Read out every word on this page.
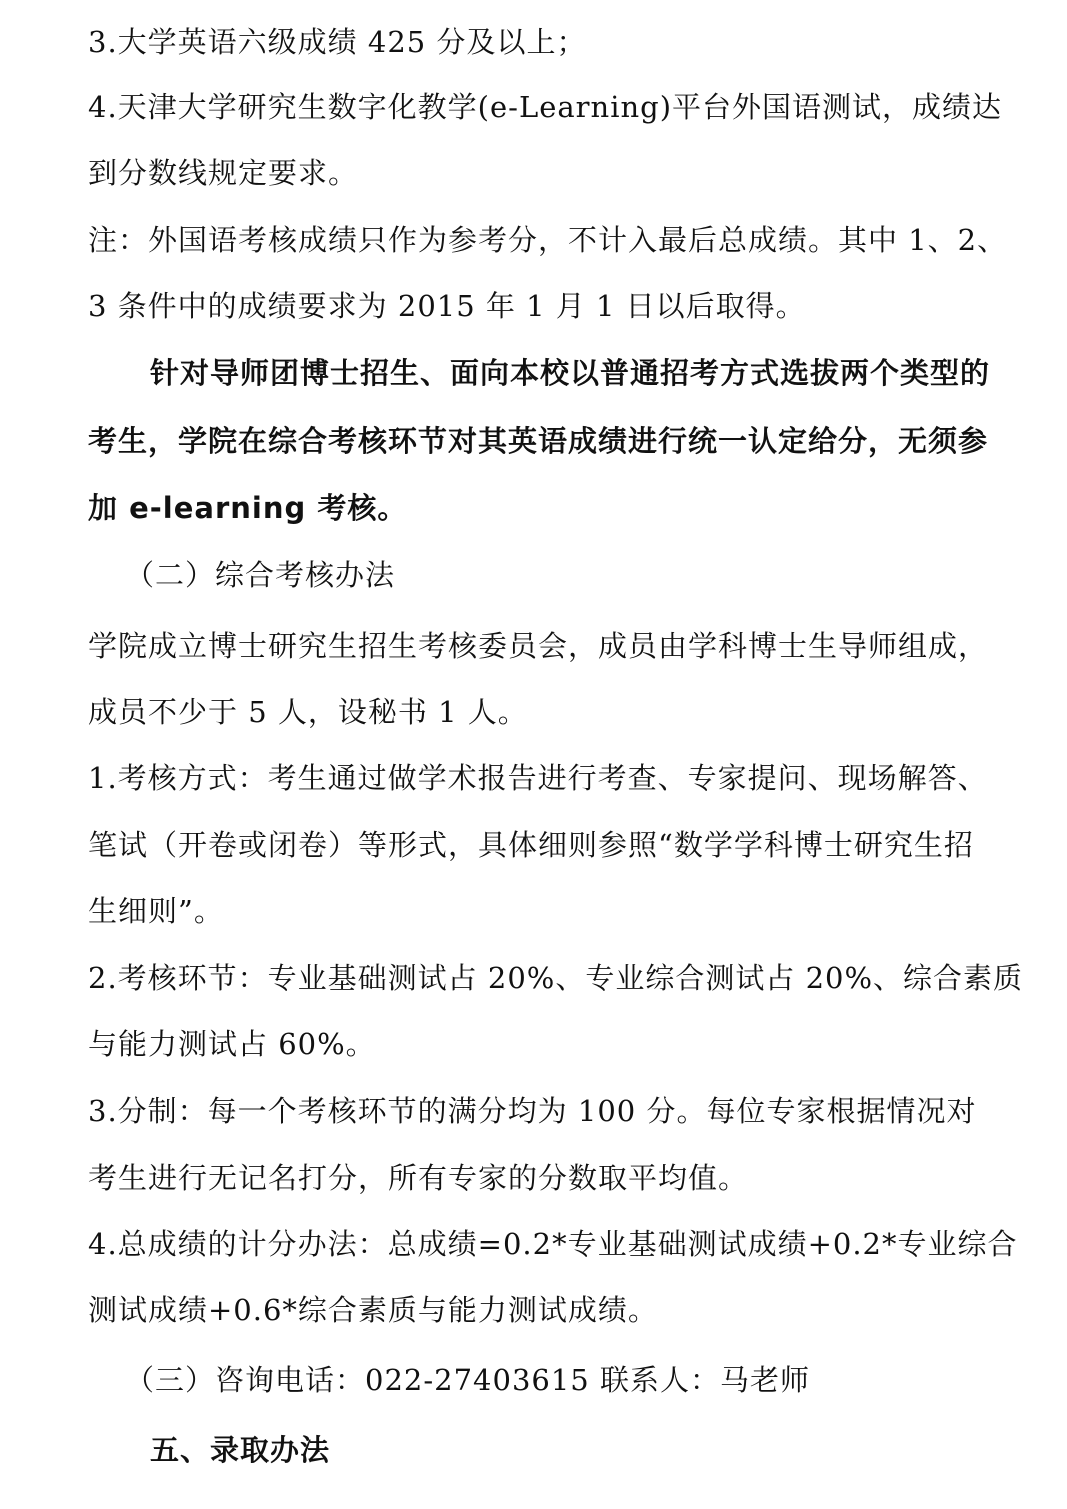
3.大学英语六级成绩 425 分及以上；
4.天津大学研究生数字化教学(e-Learning)平台外国语测试，成绩达
到分数线规定要求。
注：外国语考核成绩只作为参考分，不计入最后总成绩。其中 1、2、
3 条件中的成绩要求为 2015 年 1 月 1 日以后取得。
针对导师团博士招生、面向本校以普通招考方式选拔两个类型的
考生，学院在综合考核环节对其英语成绩进行统一认定给分，无须参
加 e-learning 考核。
（二）综合考核办法
学院成立博士研究生招生考核委员会，成员由学科博士生导师组成，
成员不少于 5 人，设秘书 1 人。
1.考核方式：考生通过做学术报告进行考查、专家提问、现场解答、
笔试（开卷或闭卷）等形式，具体细则参照“数学学科博士研究生招
生细则”。
2.考核环节：专业基础测试占 20%、专业综合测试占 20%、综合素质
与能力测试占 60%。
3.分制：每一个考核环节的满分均为 100 分。每位专家根据情况对
考生进行无记名打分，所有专家的分数取平均值。
4.总成绩的计分办法：总成绩=0.2*专业基础测试成绩+0.2*专业综合
测试成绩+0.6*综合素质与能力测试成绩。
（三）咨询电话：022-27403615 联系人：马老师
五、录取办法
